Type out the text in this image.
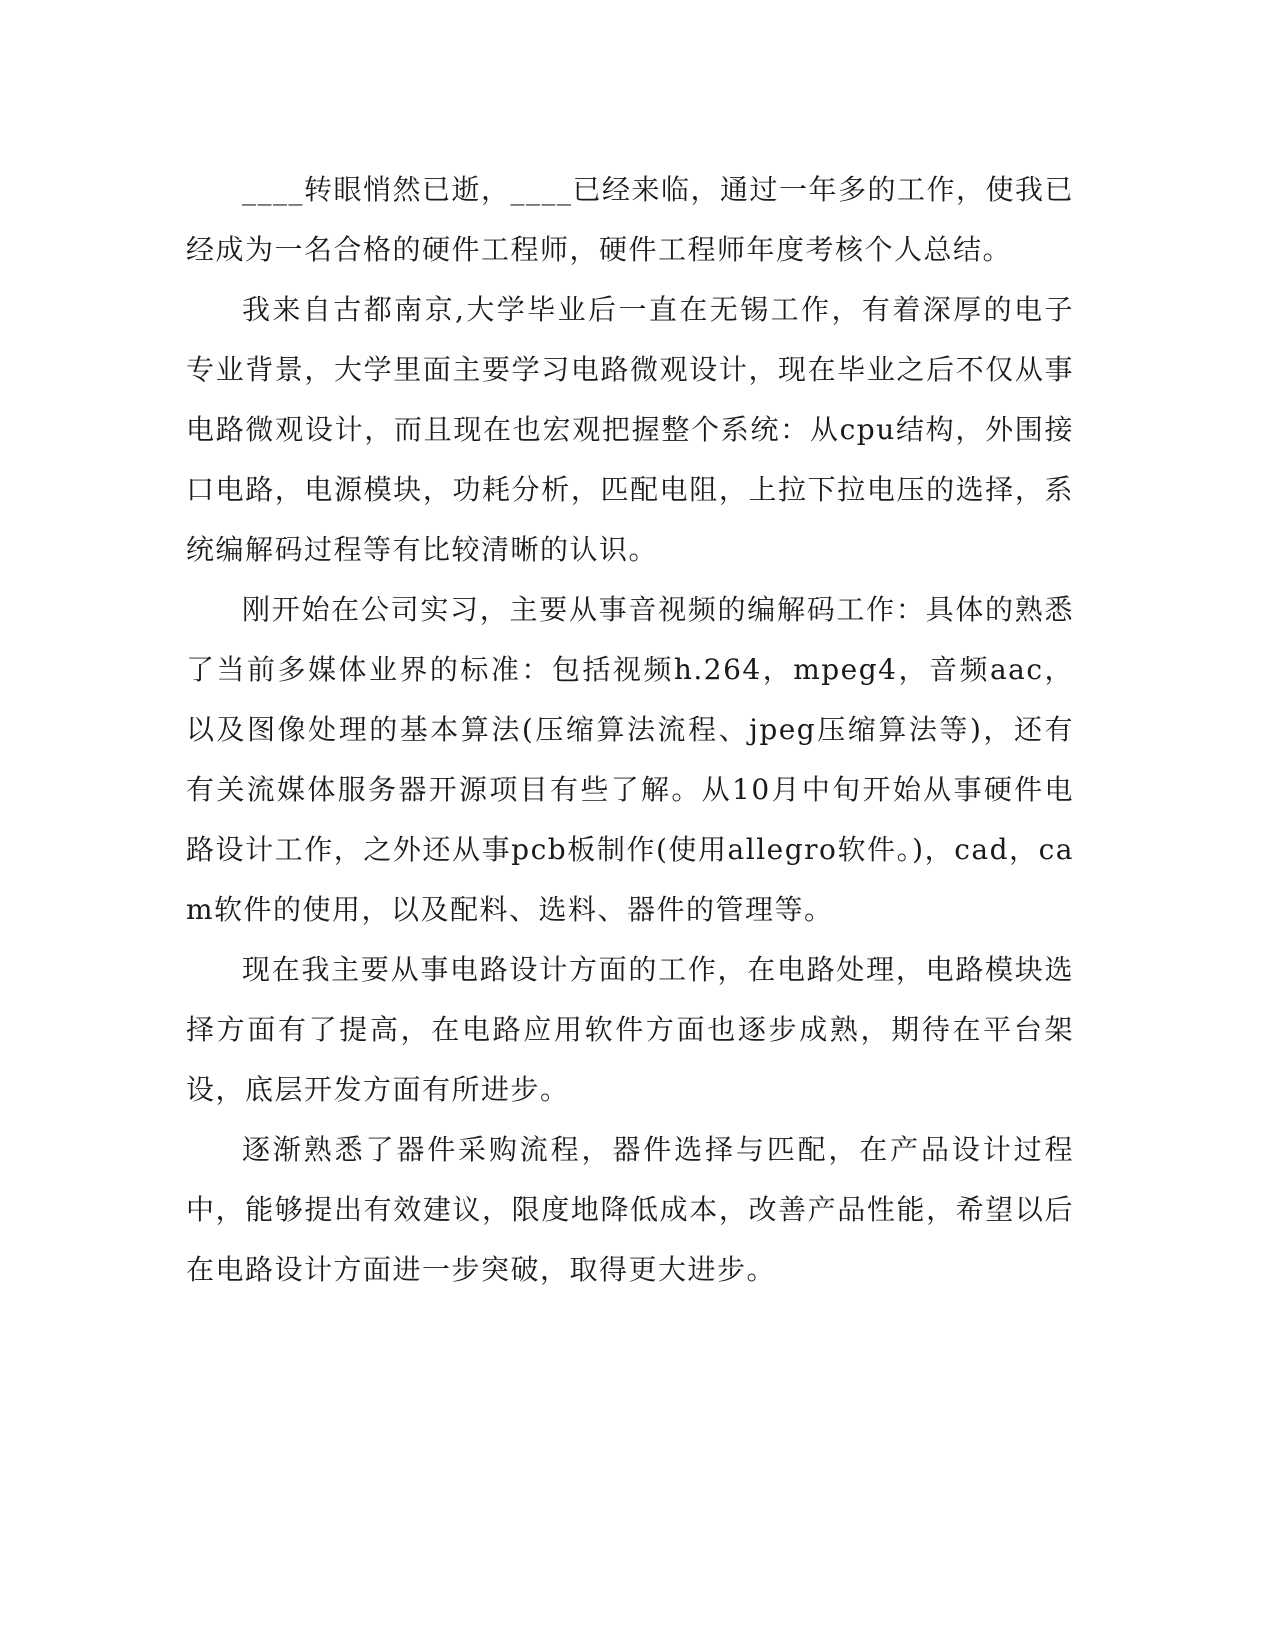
____转眼悄然已逝，____已经来临，通过一年多的工作，使我已经成为一名合格的硬件工程师，硬件工程师年度考核个人总结。

我来自古都南京,大学毕业后一直在无锡工作，有着深厚的电子专业背景，大学里面主要学习电路微观设计，现在毕业之后不仅从事电路微观设计，而且现在也宏观把握整个系统：从cpu结构，外围接口电路，电源模块，功耗分析，匹配电阻，上拉下拉电压的选择，系统编解码过程等有比较清晰的认识。

刚开始在公司实习，主要从事音视频的编解码工作：具体的熟悉了当前多媒体业界的标准：包括视频h.264，mpeg4，音频aac，以及图像处理的基本算法(压缩算法流程、jpeg压缩算法等)，还有有关流媒体服务器开源项目有些了解。从10月中旬开始从事硬件电路设计工作，之外还从事pcb板制作(使用allegro软件。)，cad，cam软件的使用，以及配料、选料、器件的管理等。

现在我主要从事电路设计方面的工作，在电路处理，电路模块选择方面有了提高，在电路应用软件方面也逐步成熟，期待在平台架设，底层开发方面有所进步。

逐渐熟悉了器件采购流程，器件选择与匹配，在产品设计过程中，能够提出有效建议，限度地降低成本，改善产品性能，希望以后在电路设计方面进一步突破，取得更大进步。
